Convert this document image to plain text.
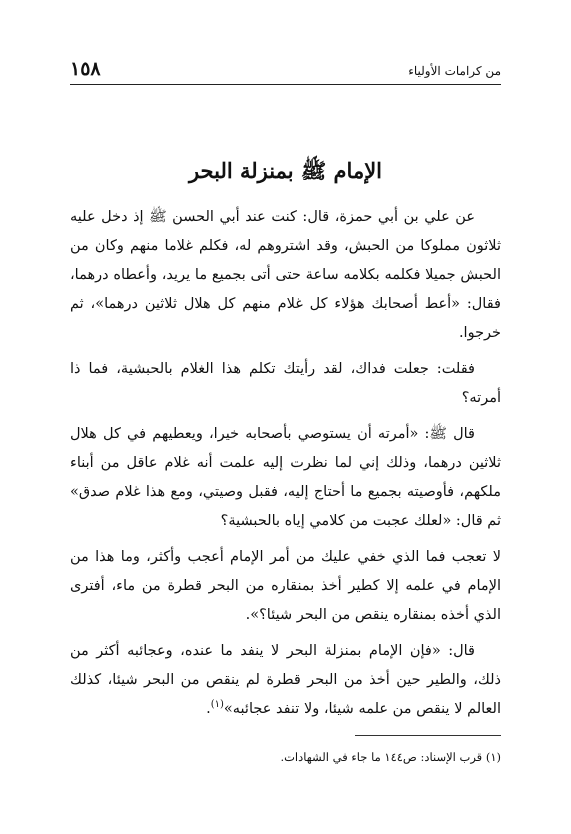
١٥٨	من كرامات الأولياء
الإمام ﷺ بمنزلة البحر

عن علي بن أبي حمزة، قال: كنت عند أبي الحسن ﷺ إذ دخل عليه ثلاثون مملوكا من الحبش، وقد اشتروهم له، فكلم غلاما منهم وكان من الحبش جميلا فكلمه بكلامه ساعة حتى أتى بجميع ما يريد، وأعطاه درهما، فقال: «أعط أصحابك هؤلاء كل غلام منهم كل هلال ثلاثين درهما»، ثم خرجوا.

فقلت: جعلت فداك، لقد رأيتك تكلم هذا الغلام بالحبشية، فما ذا أمرته؟

قال ﷺ: «أمرته أن يستوصي بأصحابه خيرا، ويعطيهم في كل هلال ثلاثين درهما، وذلك إني لما نظرت إليه علمت أنه غلام عاقل من أبناء ملكهم، فأوصيته بجميع ما أحتاج إليه، فقبل وصيتي، ومع هذا غلام صدق» ثم قال: «لعلك عجبت من كلامي إياه بالحبشية؟

لا تعجب فما الذي خفي عليك من أمر الإمام أعجب وأكثر، وما هذا من الإمام في علمه إلا كطير أخذ بمنقاره من البحر قطرة من ماء، أفترى الذي أخذه بمنقاره ينقص من البحر شيئا؟».

قال: «فإن الإمام بمنزلة البحر لا ينفد ما عنده، وعجائبه أكثر من ذلك، والطير حين أخذ من البحر قطرة لم ينقص من البحر شيئا، كذلك العالم لا ينقص من علمه شيئا، ولا تنفد عجائبه»$^{(١)}$.

(١) قرب الإسناد: ص١٤٤ ما جاء في الشهادات.
